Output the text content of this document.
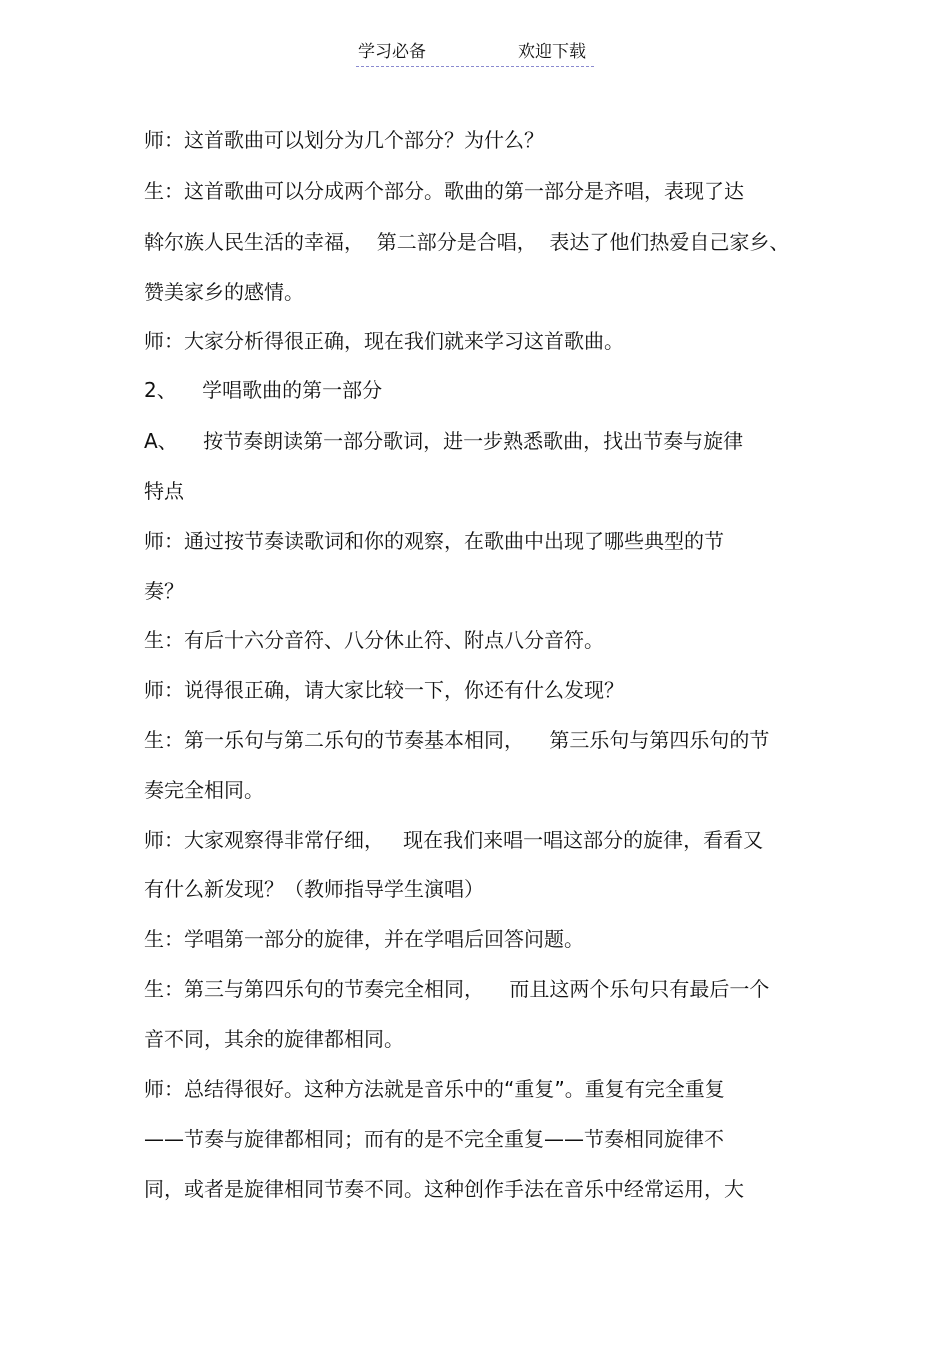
学习必备	欢迎下载
师：这首歌曲可以划分为几个部分？为什么？
生：这首歌曲可以分成两个部分。歌曲的第一部分是齐唱，表现了达
斡尔族人民生活的幸福，  第二部分是合唱，  表达了他们热爱自己家乡、
赞美家乡的感情。
师：大家分析得很正确，现在我们就来学习这首歌曲。
2、    学唱歌曲的第一部分
A、    按节奏朗读第一部分歌词，进一步熟悉歌曲，找出节奏与旋律
特点
师：通过按节奏读歌词和你的观察，在歌曲中出现了哪些典型的节
奏？
生：有后十六分音符、八分休止符、附点八分音符。
师：说得很正确，请大家比较一下，你还有什么发现？
生：第一乐句与第二乐句的节奏基本相同，    第三乐句与第四乐句的节
奏完全相同。
师：大家观察得非常仔细，   现在我们来唱一唱这部分的旋律，看看又
有什么新发现？（教师指导学生演唱）
生：学唱第一部分的旋律，并在学唱后回答问题。
生：第三与第四乐句的节奏完全相同，    而且这两个乐句只有最后一个
音不同，其余的旋律都相同。
师：总结得很好。这种方法就是音乐中的“重复”。重复有完全重复
——节奏与旋律都相同；而有的是不完全重复——节奏相同旋律不
同，或者是旋律相同节奏不同。这种创作手法在音乐中经常运用，大
